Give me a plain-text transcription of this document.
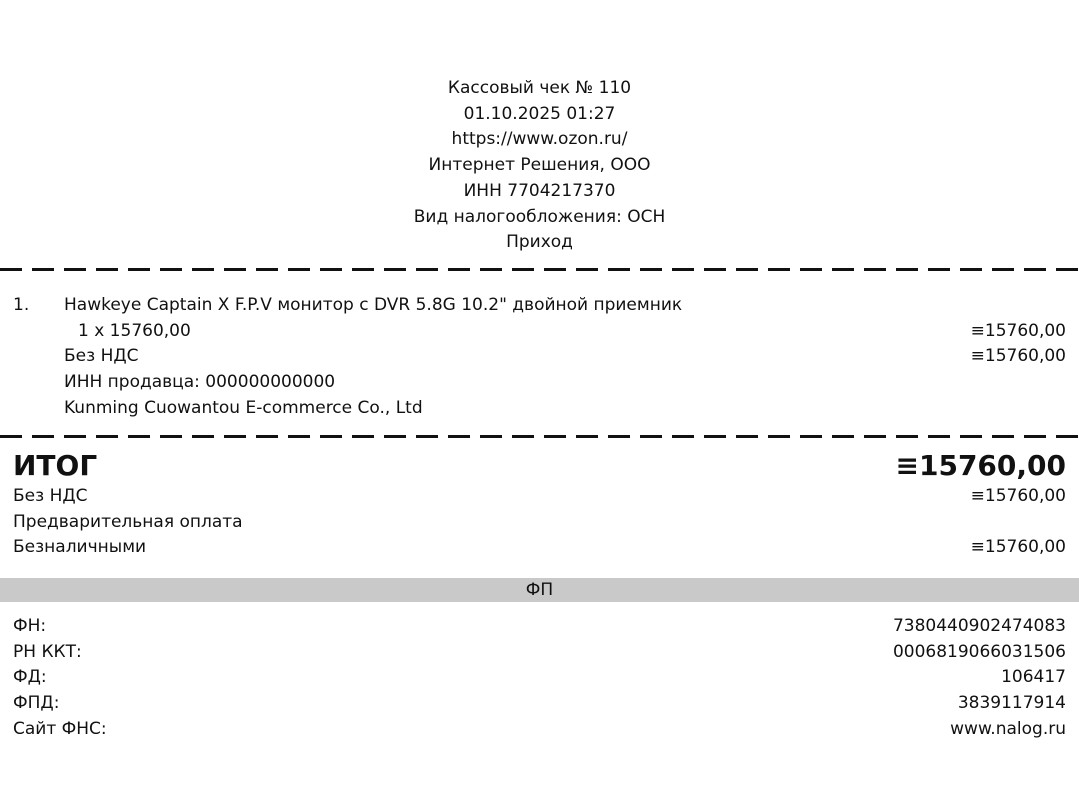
Кассовый чек № 110
01.10.2025 01:27
https://www.ozon.ru/
Интернет Решения, ООО
ИНН 7704217370
Вид налогообложения: ОСН
Приход
1. Hawkeye Captain X F.P.V монитор с DVR 5.8G 10.2" двойной приемник
1 x 15760,00	≡15760,00
Без НДС	≡15760,00
ИНН продавца: 000000000000
Kunming Cuowantou E-commerce Co., Ltd
ИТОГ	≡15760,00
Без НДС	≡15760,00
Предварительная оплата
Безналичными	≡15760,00
ФП
ФН:	7380440902474083
РН ККТ:	0006819066031506
ФД:	106417
ФПД:	3839117914
Сайт ФНС:	www.nalog.ru
